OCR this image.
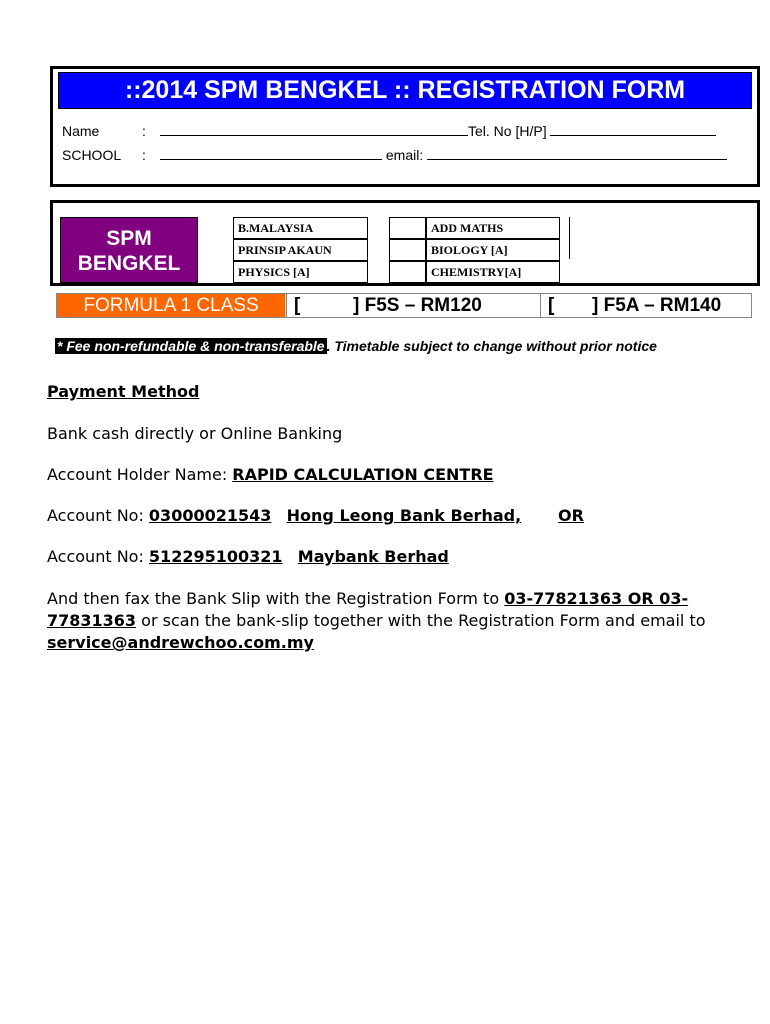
::2014 SPM BENGKEL :: REGISTRATION FORM
Name	:	Tel. No [H/P]
SCHOOL :	email:
SPM
BENGKEL
B.MALAYSIA
PRINSIP AKAUN
PHYSICS [A]
ADD MATHS
BIOLOGY [A]
CHEMISTRY[A]
FORMULA 1 CLASS	[	] F5S – RM120	[ ] F5A – RM140
* Fee non-refundable & non-transferable . Timetable subject to change without prior notice
Payment Method
Bank cash directly or Online Banking
Account Holder Name: RAPID CALCULATION CENTRE
Account No: 03000021543 Hong Leong Bank Berhad, OR
Account No: 512295100321 Maybank Berhad
And then fax the Bank Slip with the Registration Form to 03-77821363 OR 03-77831363 or scan the bank-slip together with the Registration Form and email to service@andrewchoo.com.my
